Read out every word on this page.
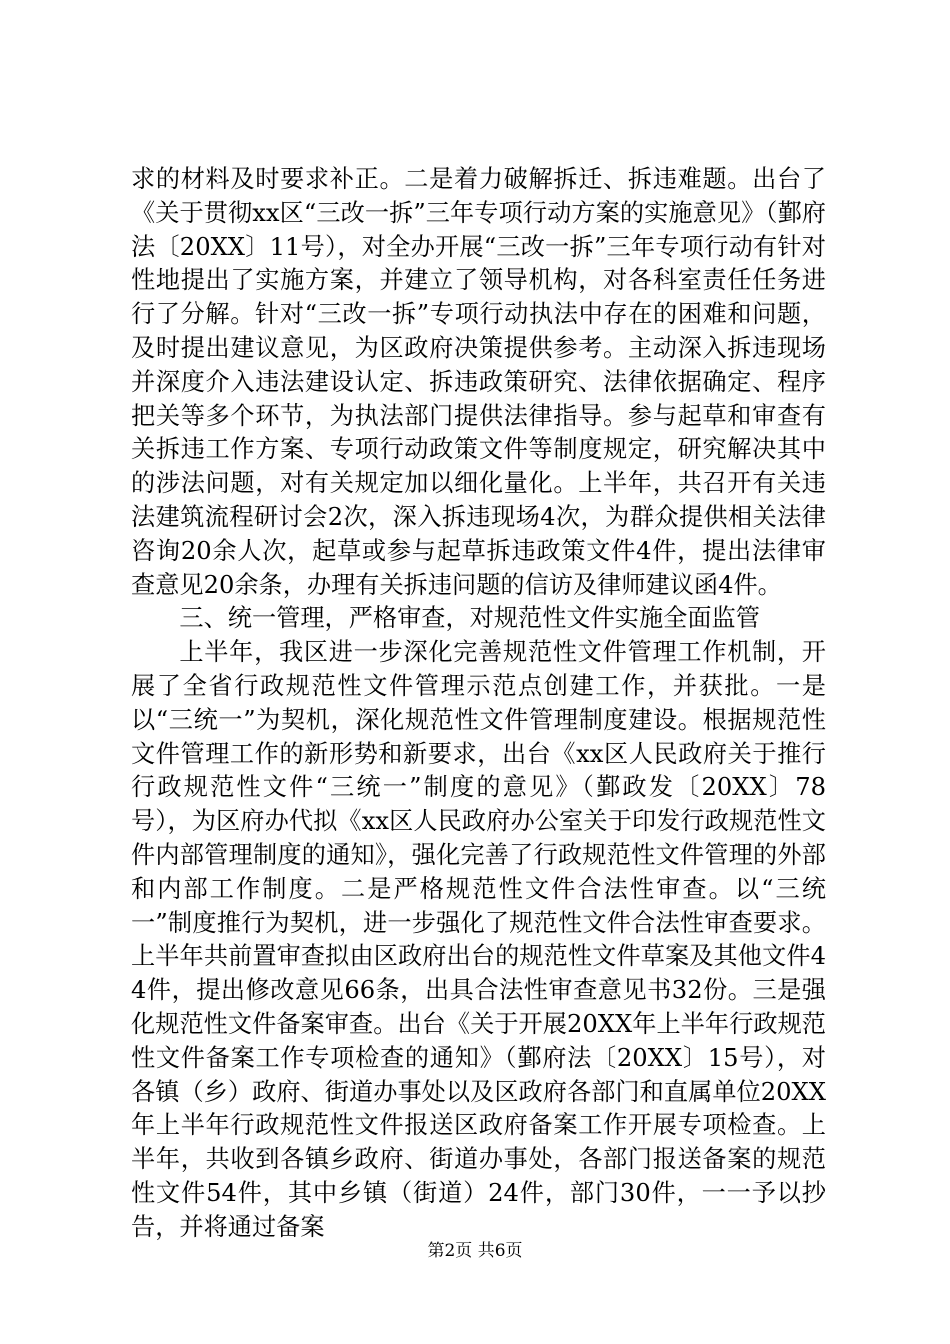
求的材料及时要求补正。二是着力破解拆迁、拆违难题。出台了《关于贯彻xx区“三改一拆”三年专项行动方案的实施意见》（鄞府法〔20XX〕11号），对全办开展“三改一拆”三年专项行动有针对性地提出了实施方案，并建立了领导机构，对各科室责任任务进行了分解。针对“三改一拆”专项行动执法中存在的困难和问题，及时提出建议意见，为区政府决策提供参考。主动深入拆违现场并深度介入违法建设认定、拆违政策研究、法律依据确定、程序把关等多个环节，为执法部门提供法律指导。参与起草和审查有关拆违工作方案、专项行动政策文件等制度规定，研究解决其中的涉法问题，对有关规定加以细化量化。上半年，共召开有关违法建筑流程研讨会2次，深入拆违现场4次，为群众提供相关法律咨询20余人次，起草或参与起草拆违政策文件4件，提出法律审查意见20余条，办理有关拆违问题的信访及律师建议函4件。

三、统一管理，严格审查，对规范性文件实施全面监管

上半年，我区进一步深化完善规范性文件管理工作机制，开展了全省行政规范性文件管理示范点创建工作，并获批。一是以“三统一”为契机，深化规范性文件管理制度建设。根据规范性文件管理工作的新形势和新要求，出台《xx区人民政府关于推行行政规范性文件“三统一”制度的意见》（鄞政发〔20XX〕78号），为区府办代拟《xx区人民政府办公室关于印发行政规范性文件内部管理制度的通知》，强化完善了行政规范性文件管理的外部和内部工作制度。二是严格规范性文件合法性审查。以“三统一”制度推行为契机，进一步强化了规范性文件合法性审查要求。上半年共前置审查拟由区政府出台的规范性文件草案及其他文件44件，提出修改意见66条，出具合法性审查意见书32份。三是强化规范性文件备案审查。出台《关于开展20XX年上半年行政规范性文件备案工作专项检查的通知》（鄞府法〔20XX〕15号），对各镇（乡）政府、街道办事处以及区政府各部门和直属单位20XX年上半年行政规范性文件报送区政府备案工作开展专项检查。上半年，共收到各镇乡政府、街道办事处，各部门报送备案的规范性文件54件，其中乡镇（街道）24件，部门30件，一一予以抄告，并将通过备案

第2页 共6页
